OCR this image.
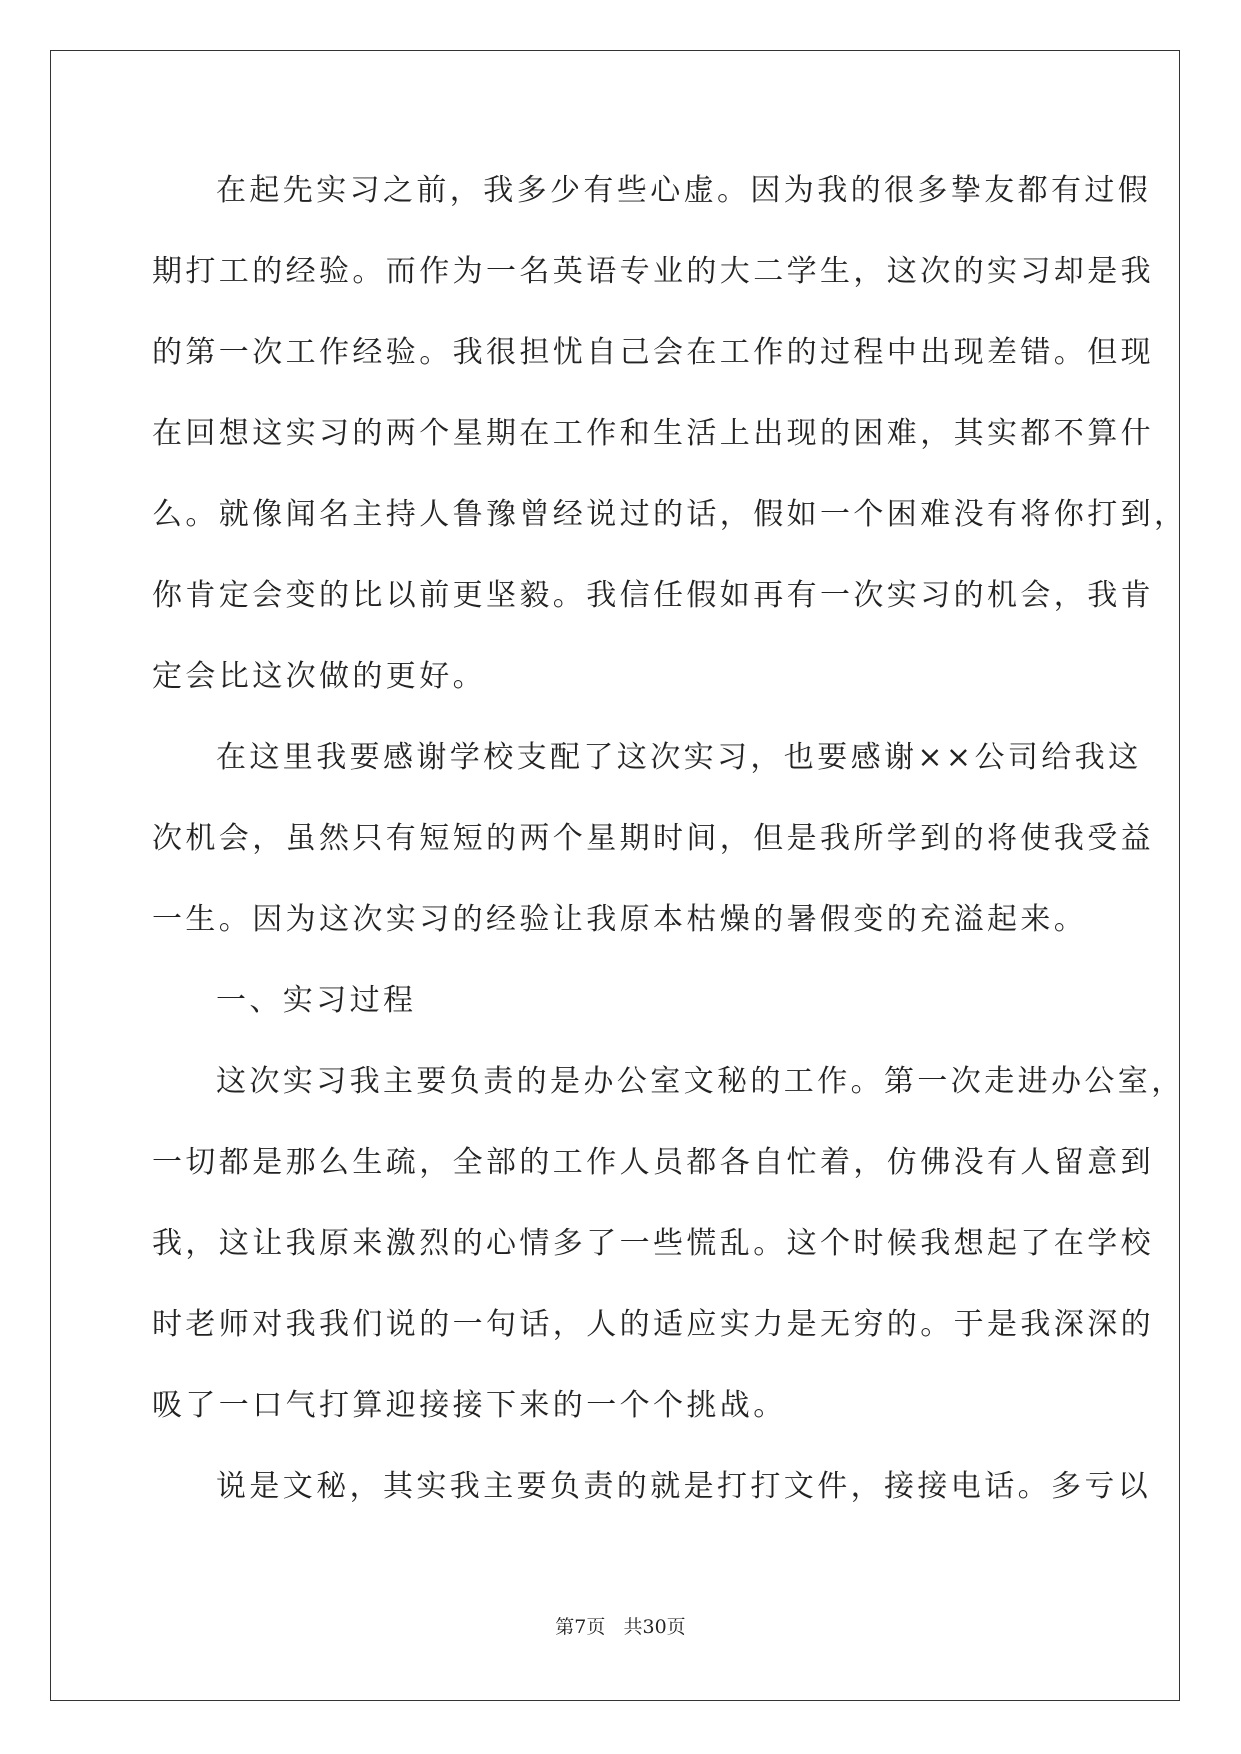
在起先实习之前，我多少有些心虚。因为我的很多挚友都有过假
期打工的经验。而作为一名英语专业的大二学生，这次的实习却是我
的第一次工作经验。我很担忧自己会在工作的过程中出现差错。但现
在回想这实习的两个星期在工作和生活上出现的困难，其实都不算什
么。就像闻名主持人鲁豫曾经说过的话，假如一个困难没有将你打到，
你肯定会变的比以前更坚毅。我信任假如再有一次实习的机会，我肯
定会比这次做的更好。
在这里我要感谢学校支配了这次实习，也要感谢××公司给我这
次机会，虽然只有短短的两个星期时间，但是我所学到的将使我受益
一生。因为这次实习的经验让我原本枯燥的暑假变的充溢起来。
一、实习过程
这次实习我主要负责的是办公室文秘的工作。第一次走进办公室，
一切都是那么生疏，全部的工作人员都各自忙着，仿佛没有人留意到
我，这让我原来激烈的心情多了一些慌乱。这个时候我想起了在学校
时老师对我我们说的一句话，人的适应实力是无穷的。于是我深深的
吸了一口气打算迎接接下来的一个个挑战。
说是文秘，其实我主要负责的就是打打文件，接接电话。多亏以
第7页   共30页
